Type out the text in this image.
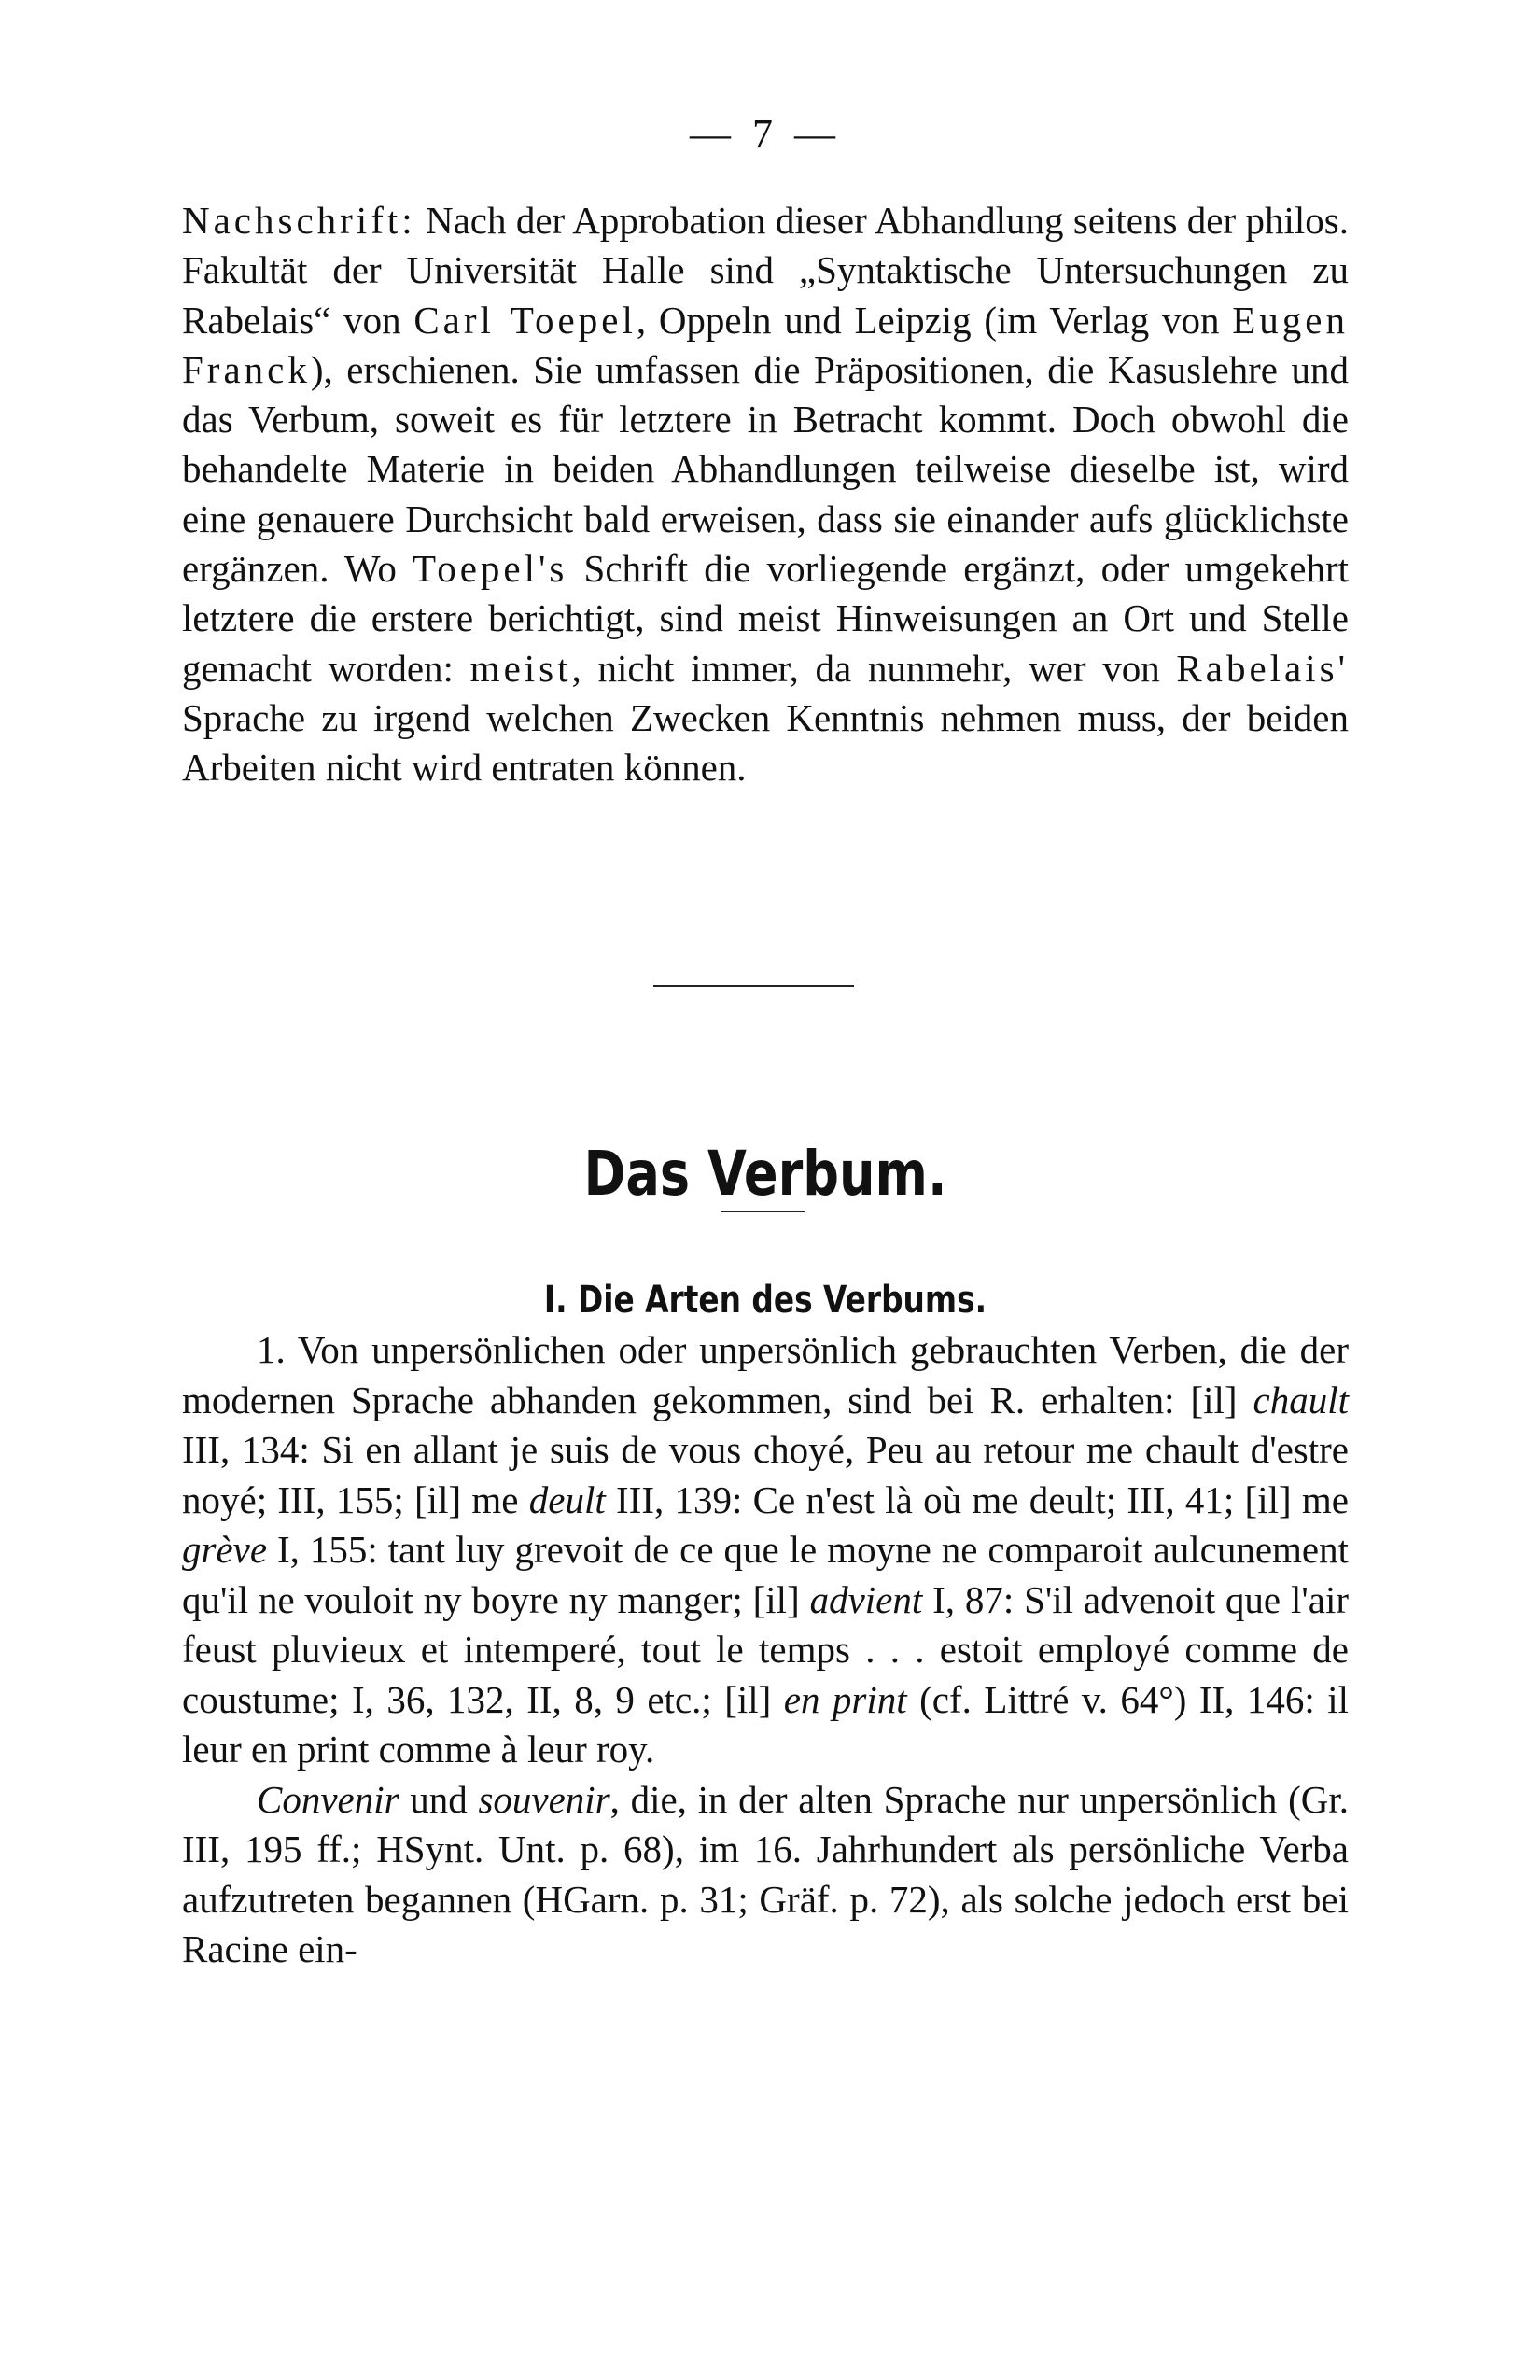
— 7 —

Nachschrift: Nach der Approbation dieser Abhandlung seitens der philos. Fakultät der Universität Halle sind „Syntaktische Untersuchungen zu Rabelais“ von Carl Toepel, Oppeln und Leipzig (im Verlag von Eugen Franck), erschienen. Sie umfassen die Präpositionen, die Kasuslehre und das Verbum, soweit es für letztere in Betracht kommt. Doch obwohl die behandelte Materie in beiden Abhandlungen teilweise dieselbe ist, wird eine genauere Durchsicht bald erweisen, dass sie einander aufs glücklichste ergänzen. Wo Toepel's Schrift die vorliegende ergänzt, oder umgekehrt letztere die erstere berichtigt, sind meist Hinweisungen an Ort und Stelle gemacht worden: meist, nicht immer, da nunmehr, wer von Rabelais' Sprache zu irgend welchen Zwecken Kenntnis nehmen muss, der beiden Arbeiten nicht wird entraten können.

Das Verbum.
I. Die Arten des Verbums.

1. Von unpersönlichen oder unpersönlich gebrauchten Verben, die der modernen Sprache abhanden gekommen, sind bei R. erhalten: [il] chault III, 134: Si en allant je suis de vous choyé, Peu au retour me chault d'estre noyé; III, 155; [il] me deult III, 139: Ce n'est là où me deult; III, 41; [il] me grève I, 155: tant luy grevoit de ce que le moyne ne comparoit aulcunement qu'il ne vouloit ny boyre ny manger; [il] advient I, 87: S'il advenoit que l'air feust pluvieux et intemperé, tout le temps . . . estoit employé comme de coustume; I, 36, 132, II, 8, 9 etc.; [il] en print (cf. Littré v. 64°) II, 146: il leur en print comme à leur roy.

Convenir und souvenir, die, in der alten Sprache nur unpersönlich (Gr. III, 195 ff.; HSynt. Unt. p. 68), im 16. Jahrhundert als persönliche Verba aufzutreten begannen (HGarn. p. 31; Gräf. p. 72), als solche jedoch erst bei Racine ein-
